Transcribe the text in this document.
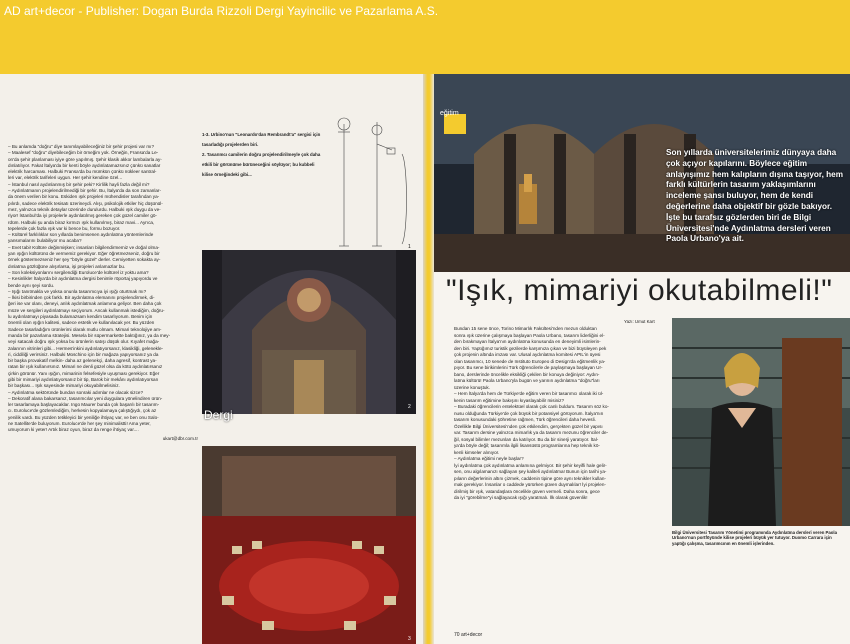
AD art+decor - Publisher: Dogan Burda Rizzoli Dergi Yayincilic ve Pazarlama A.S.

– Bu anlamda "doğru" diye tanımlayabileceğiniz bir şehir projesi var mı?

– Maalesef "doğru" diyebileceğim bir örneğim yok. Örneğin, Fransa'da Le-

on'da şehir planlaması iyiye göre yapılmış. Şehir klasik akkor lambalarla ay-

dınlatılıyor. Fakat İtalya'da bir kenti böyle aydınlatamazsınız çünkü sanatlar

elektrik harcaması. Halbuki Fransa'da bu mümkün çünkü nükleer santral-

leri var, elektrik tarifeleri uygun. Her şehir kendine özel...

– İstanbul nasıl aydınlanmış bir şehir peki? Kirlilik hayli fazla değil mi?

– Aydınlatmanın projelendirilmediği bir şehir. Bu, İtalya'da da son zamanlar-

da önem verilen bir konu. Eskiden ışık projeleri mühendisler tarafından ya-

pılırdı, sadece elektrik tesisatı üzerineydi. Alışı, psikolojik etkiler hiç düşünül-

mez, yalnızca teknik detaylar üzerinde durulurdu. Halbuki ışık duygu da ve-

riyor! İstanbul'da iyi projelerle aydınlatılmış gereken çok güzel camiler gö-

rdüm. Halbuki şu anda biraz kırmızı ışık kullanılmış, biraz mavi... Ayrıca,

tepelerde çok fazla ışık var ki bence bu, formu bozuyor.

– Kültürel farklılıklar son yıllarda benimsenen aydınlatma yöntemlerinde

yansımalarını bulabiliyor mu acaba?

– Evet tabi! Kültüre değinmişken; insanları bilgilendirmemiz ve doğal olma-

yan ışığın kültürünü de vermemiz gerekiyor. Eğer öğretmezseniz, doğru bir

örnek göstermezseniz her şey "böyle güzel" derler. Cemiyetten sokakta ay-

dınlatma gözlüğüne alışırlarsa, işi projeleri anlamazlar bu.

– Son koleksiyonlarını sergilendiği Euroluce'de kültürel iz yoktu ama?

– Kesinlikle! İtalya'da bir aydınlatma dergisi benimle röportaj yapıyordu ve

bende aynı şeyi sordu.

– Işığı tanıtmakla ve yoksa onunla tasarımcıya iyi ışığı oturtmak mı?

– İkisi birbirinden çok farklı. Bir aydınlatma elemanını projelendirmek, di-

ğeri ise var olanı, deneyi, anlık aydınlatmak anlamına geliyor. Ben daha çok

müze ve sergileri aydınlatmayı seçiyorum. Ancak kullanmak istediğim, doğru-

lu aydınlatmayı piyasada bulamazsam kendim tasarlıyorum. Benim için

önemli olan ışığın kalitesi, sadece estetik ve kullanılacak yer. Bu yüzden

Sadece tasarladığım ürünlerimi olarak mutlu olmam. Mimari teknolojiye am-

manda bir pazarlama stratejisi. Mesela bir süpermarkette baktığınız, ya da mey-

veyi satacak doğru ışık yoksa bu ürünlerin satışı düşük olur. Kıyafet mağa-

zalarının vitrinleri gibi... Hermes'inkini aydınlatıyorsanız, klasikliği, gelenekle-

ri, ciddiliği verirsiniz. Halbuki Moschino için bir mağaza yapıyorsanız ya da

bir başka provakatif melkin- daha az gelenekçi, daha agresif, kontrast ya-

ratan bir ışık kullanırsınız. Mimari ne denli güzel olsa da kötü aydınlatırsanız

çirkin görünür. Yanı ışığın, mimarinin felsefesiyle uyuşması gerekiyor. Eğer

gibi bir mimariyi aydınlatıyorsanız bir tip, Barok bir mekânı aydınlatıyorsan

bir başkası... Işık sayesinde mimariyi okuyabilmelisiniz.

– Aydınlatma sektöründe bundan sonraki adımlar ne olacak sizce?

– Dekoratif alana bakarsanız, tasarımcılar yeni duygulara yönelindiren ürün-

ler tasarlamaya başlayacaklar. Ingo Maurer bunda çok başarılı bir tasarım-

cı. Euroluce'de gözlemlediğim, herkesin kopyalamaya çalıştığıydı, çok az

yenilik vardı. Bu yüzden tetikleyici bir yeniliğe ihtiyaç var, ve ben onu Salo-

ne Satellite'de buluyorum. Euroluce'de her şey minimalistti! Ama yeter,

umuyorum ki yeter! Artık biraz oyun, biraz da renge ihtiyaç var....

ukart@dbr.com.tr

1-3. Urbino'nun "Leonardo'dan Rembrandt'a" sergisi için

tasarladığı projelerden biri.

2. Tasarımcı camilerin doğru projelendirilmeyle çok daha

etkili bir görünüme bürüneceğini söylüyor; bu kubbeli

kilise örneğindeki gibi...

1
2
3
Dergi
eğitim
Son yıllarda üniversitelerimiz dünyaya daha çok açıyor kapılarını. Böylece eğitim anlayışımız hem kalıpların dışına taşıyor, hem farklı kültürlerin tasarım yaklaşımlarını inceleme şansı buluyor, hem de kendi değerlerine daha objektif bir gözle bakıyor. İşte bu tarafsız gözlerden biri de Bilgi Üniversitesi'nde Aydınlatma dersleri veren Paola Urbano'ya ait.
"Işık, mimariyi okutabilmeli!"
Yazı: Umut Kart

Bundan 15 sene önce, Torino Mimarlık Fakültesi'nden mezun olduktan

sonra ışık üzerine çalışmaya başlayan Paola Urbano, tasarım liderliğini el-

den bırakmayan İtalya'nın aydınlatma konusunda en deneyimli isimlerin-

den biri. Yaptığımız turistik gezilerde karşımıza çıkan ve bizi büyüleyen pek

çok projenin altında imzası var. Ulusal aydınlatma komitesi APIL'in üyesi

olan tasarımcı, 10 senede de Instituto Europeo di Design'da eğitmenlik ya-

pıyor. Bu sene birikimlerini Türk öğrencilerle de paylaşmaya başlayan Ur-

bano, derslerinde öncelikle eksikliği çekilen bir konuya değiniyor: Aydın-

latma kültürü! Paola Urbano'yla bugün ve yarının aydınlatma "doğru"ları

üzerine konuştuk.

– Hem İtalya'da hem de Türkiye'de eğitim veren bir tasarımcı olarak iki ül-

kenin tasarım eğitimine bakışını kıyaslayabilir misiniz?

– Buradaki öğrencilerin entelektüel olarak çok canlı buldum. Tasarım söz ko-

nusu olduğunda Türkiye'de çok büyük bir potansiyel görüyorum. İtalya'nın

tasarım konusundaki şöhretine rağmen, Türk öğrencileri daha hevesli.

Özellikle Bilgi Üniversitesi'nden çok etkilendim, gerçekten güzel bir yapısı

var. Tasarım dersine yalnızca mimarlık ya da tasarım mezunu öğrenciler de-

ğil, sosyal bilimler mezunları da katılıyor. Bu da bir sinerji yaratıyor. İtal-

ya'da böyle değil; tasarımla ilgili lisansüstü programlarına hep teknik kö-

kenli kimseler alınıyor.

– Aydınlatma eğitimi neyle başlar?

İyi aydınlatma çok aydınlatma anlamına gelmiyor. Bir şehir keyifli hale gelir-

sen, onu algılamanızı sağlayan şey kaliteli aydınlatma! Bunun için tarihi ya-

pıların değerlerinin altını çizmek, caddenin tipine göre aynı teknikler kullan-

mak gerekiyor. İnsanlar o caddede yürürken güven duymalılar! İyi projelen-

dirilmiş bir ışık, vatandaşlara öncelikle güven vermeli. Daha sonra, gece

da iyi "görebilme"yi sağlayacak ışığı yaratmalı. İlk olarak güvenlik!

Bilgi Üniversitesi Tasarım Yönetimi programında Aydınlatma dersleri veren Paola Urbano'nun portföyünde kilise projeleri büyük yer tutuyor. Duomo Carrara için yaptığı çalışma, tasarımcının en önemli işlerinden.
70 art+decor
